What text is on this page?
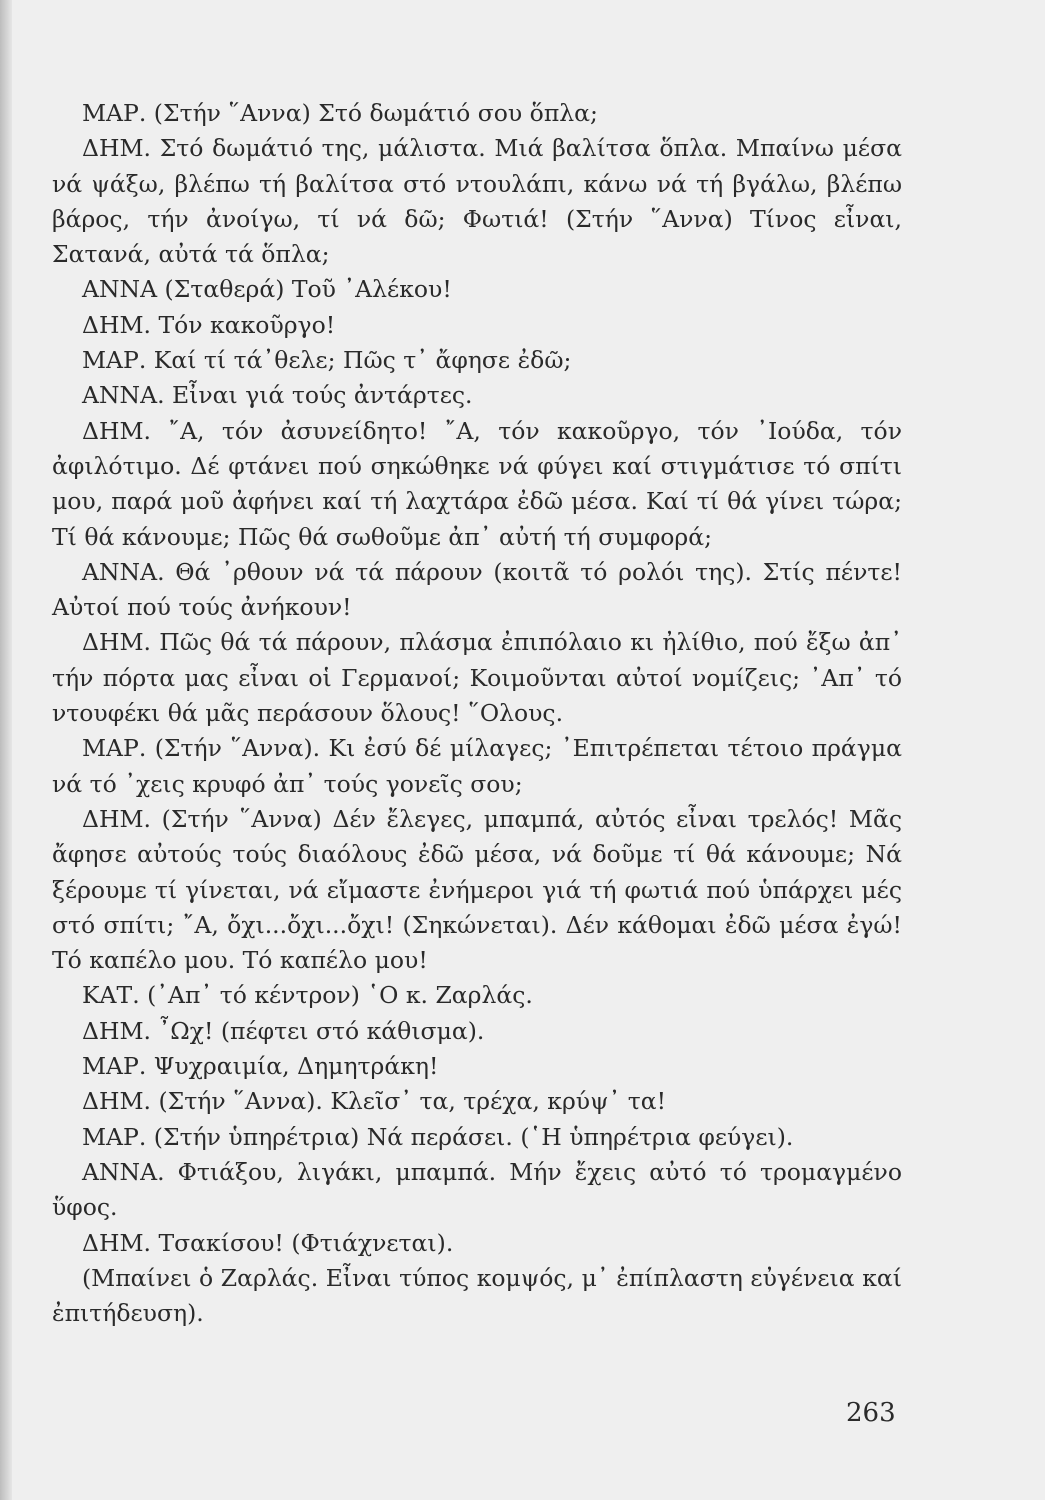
ΜΑΡ. (Στήν ῞Αννα) Στό δωμάτιό σου ὅπλα;

ΔΗΜ. Στό δωμάτιό της, μάλιστα. Μιά βαλίτσα ὅπλα. Μπαίνω μέσα νά ψάξω, βλέπω τή βαλίτσα στό ντουλάπι, κάνω νά τή βγάλω, βλέπω βάρος, τήν ἀνοίγω, τί νά δῶ; Φωτιά! (Στήν ῞Αννα) Τίνος εἶναι, Σατανά, αὐτά τά ὅπλα;

ΑΝΝΑ (Σταθερά) Τοῦ ᾿Αλέκου!

ΔΗΜ. Τόν κακοῦργο!

ΜΑΡ. Καί τί τά᾿θελε; Πῶς τ᾿ ἄφησε ἐδῶ;

ΑΝΝΑ. Εἶναι γιά τούς ἀντάρτες.

ΔΗΜ. ῎Α, τόν ἀσυνείδητο! ῎Α, τόν κακοῦργο, τόν ᾿Ιούδα, τόν ἀφιλότιμο. Δέ φτάνει πού σηκώθηκε νά φύγει καί στιγμάτισε τό σπίτι μου, παρά μοῦ ἀφήνει καί τή λαχτάρα ἐδῶ μέσα. Καί τί θά γίνει τώρα; Τί θά κάνουμε; Πῶς θά σωθοῦμε ἀπ᾿ αὐτή τή συμφορά;

ΑΝΝΑ. Θά ᾿ρθουν νά τά πάρουν (κοιτᾶ τό ρολόι της). Στίς πέντε! Αὐτοί πού τούς ἀνήκουν!

ΔΗΜ. Πῶς θά τά πάρουν, πλάσμα ἐπιπόλαιο κι ἠλίθιο, πού ἔξω ἀπ᾿ τήν πόρτα μας εἶναι οἱ Γερμανοί; Κοιμοῦνται αὐτοί νομίζεις; ᾿Απ᾿ τό ντουφέκι θά μᾶς περάσουν ὅλους! ῞Ολους.

ΜΑΡ. (Στήν ῞Αννα). Κι ἐσύ δέ μίλαγες; ᾿Επιτρέπεται τέτοιο πράγμα νά τό ᾿χεις κρυφό ἀπ᾿ τούς γονεῖς σου;

ΔΗΜ. (Στήν ῞Αννα) Δέν ἔλεγες, μπαμπά, αὐτός εἶναι τρελός! Μᾶς ἄφησε αὐτούς τούς διαόλους ἐδῶ μέσα, νά δοῦμε τί θά κάνουμε; Νά ξέρουμε τί γίνεται, νά εἴμαστε ἐνήμεροι γιά τή φωτιά πού ὑπάρχει μές στό σπίτι; ῎Α, ὄχι...ὄχι...ὄχι! (Σηκώνεται). Δέν κάθομαι ἐδῶ μέσα ἐγώ! Τό καπέλο μου. Τό καπέλο μου!

ΚΑΤ. (᾿Απ᾿ τό κέντρον) ῾Ο κ. Ζαρλάς.

ΔΗΜ. ῏Ωχ! (πέφτει στό κάθισμα).

ΜΑΡ. Ψυχραιμία, Δημητράκη!

ΔΗΜ. (Στήν ῞Αννα). Κλεῖσ᾿ τα, τρέχα, κρύψ᾿ τα!

ΜΑΡ. (Στήν ὑπηρέτρια) Νά περάσει. (῾Η ὑπηρέτρια φεύγει).

ΑΝΝΑ. Φτιάξου, λιγάκι, μπαμπά. Μήν ἔχεις αὐτό τό τρομαγμένο ὕφος.

ΔΗΜ. Τσακίσου! (Φτιάχνεται).

(Μπαίνει ὁ Ζαρλάς. Εἶναι τύπος κομψός, μ᾿ ἐπίπλαστη εὐγένεια καί ἐπιτήδευση).

263
